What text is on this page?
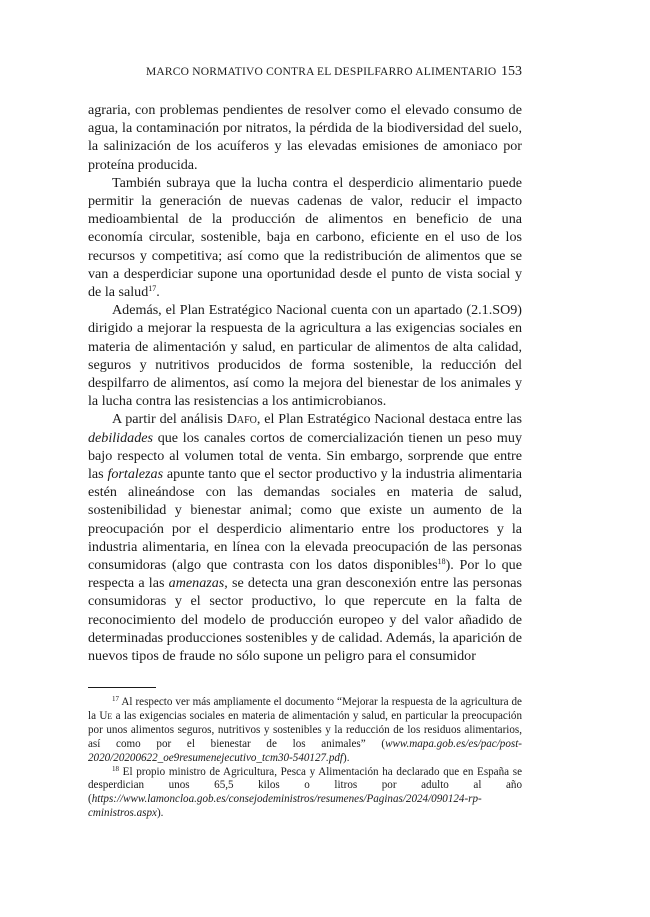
MARCO NORMATIVO CONTRA EL DESPILFARRO ALIMENTARIO 153

agraria, con problemas pendientes de resolver como el elevado consumo de agua, la contaminación por nitratos, la pérdida de la biodiversidad del suelo, la salinización de los acuíferos y las elevadas emisiones de amoniaco por proteína producida.

También subraya que la lucha contra el desperdicio alimentario puede permitir la generación de nuevas cadenas de valor, reducir el impacto medioambiental de la producción de alimentos en beneficio de una economía circular, sostenible, baja en carbono, eficiente en el uso de los recursos y competitiva; así como que la redistribución de alimentos que se van a desperdiciar supone una oportunidad desde el punto de vista social y de la salud$^{17}$.

Además, el Plan Estratégico Nacional cuenta con un apartado (2.1.SO9) dirigido a mejorar la respuesta de la agricultura a las exigencias sociales en materia de alimentación y salud, en particular de alimentos de alta calidad, seguros y nutritivos producidos de forma sostenible, la reducción del despilfarro de alimentos, así como la mejora del bienestar de los animales y la lucha contra las resistencias a los antimicrobianos.

A partir del análisis Dafo, el Plan Estratégico Nacional destaca entre las debilidades que los canales cortos de comercialización tienen un peso muy bajo respecto al volumen total de venta. Sin embargo, sorprende que entre las fortalezas apunte tanto que el sector productivo y la industria alimentaria estén alineándose con las demandas sociales en materia de salud, sostenibilidad y bienestar animal; como que existe un aumento de la preocupación por el desperdicio alimentario entre los productores y la industria alimentaria, en línea con la elevada preocupación de las personas consumidoras (algo que contrasta con los datos disponibles$^{18}$). Por lo que respecta a las amenazas, se detecta una gran desconexión entre las personas consumidoras y el sector productivo, lo que repercute en la falta de reconocimiento del modelo de producción europeo y del valor añadido de determinadas producciones sostenibles y de calidad. Además, la aparición de nuevos tipos de fraude no sólo supone un peligro para el consumidor

$^{17}$ Al respecto ver más ampliamente el documento “Mejorar la respuesta de la agricultura de la Ue a las exigencias sociales en materia de alimentación y salud, en particular la preocupación por unos alimentos seguros, nutritivos y sostenibles y la reducción de los residuos alimentarios, así como por el bienestar de los animales” (www.mapa.gob.es/es/pac/post-2020/20200622_oe9resumenejecutivo_tcm30-540127.pdf).

$^{18}$ El propio ministro de Agricultura, Pesca y Alimentación ha declarado que en España se desperdician unos 65,5 kilos o litros por adulto al año (https://www.lamoncloa.gob.es/consejodeministros/resumenes/Paginas/2024/090124-rp-cministros.aspx).
